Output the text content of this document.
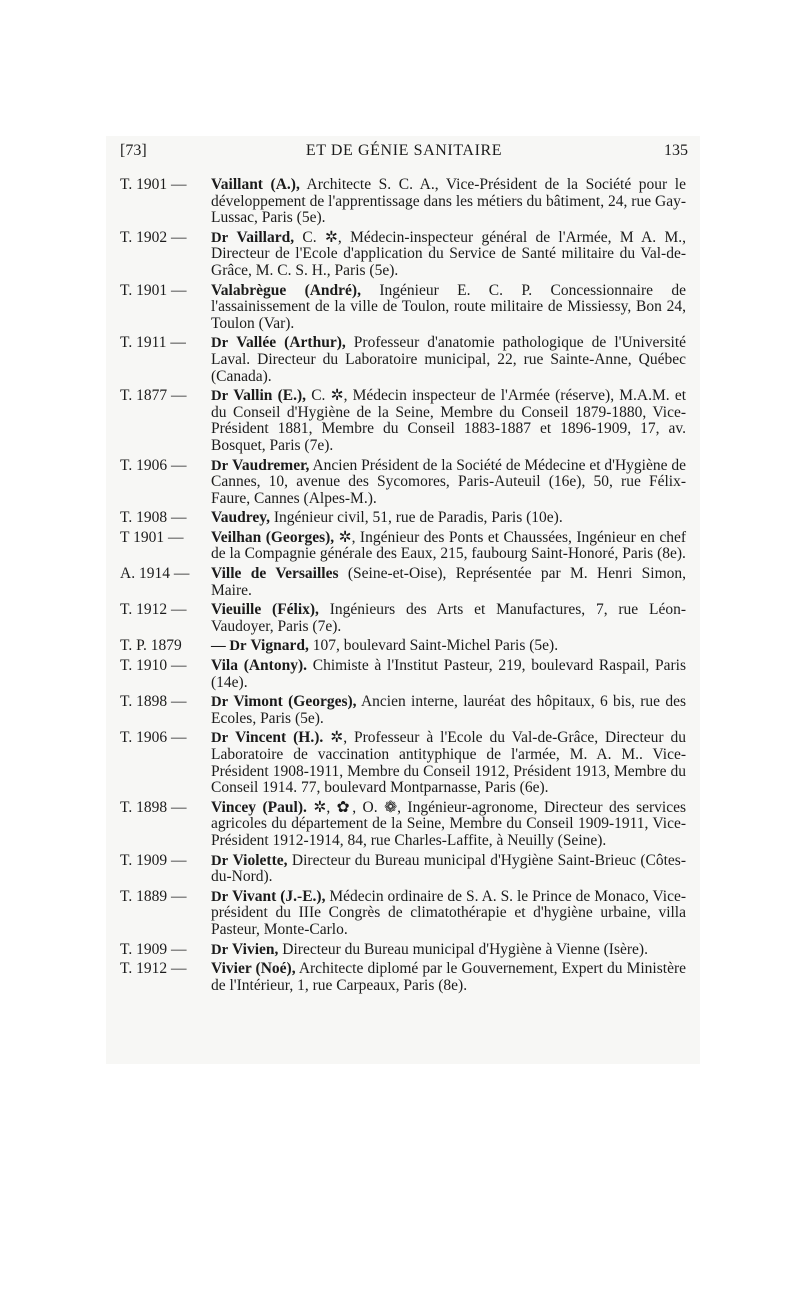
[73]	ET DE GÉNIE SANITAIRE	135
T. 1901 — Vaillant (A.), Architecte S. C. A., Vice-Président de la Société pour le développement de l'apprentissage dans les métiers du bâtiment, 24, rue Gay-Lussac, Paris (5e).
T. 1902 — Dr Vaillard, C. ✲, Médecin-inspecteur général de l'Armée, M A. M., Directeur de l'Ecole d'application du Service de Santé militaire du Val-de-Grâce, M. C. S. H., Paris (5e).
T. 1901 — Valabrègue (André), Ingénieur E. C. P. Concessionnaire de l'assainissement de la ville de Toulon, route militaire de Missiessy, Bon 24, Toulon (Var).
T. 1911 — Dr Vallée (Arthur), Professeur d'anatomie pathologique de l'Université Laval. Directeur du Laboratoire municipal, 22, rue Sainte-Anne, Québec (Canada).
T. 1877 — Dr Vallin (E.), C. ✲, Médecin inspecteur de l'Armée (réserve), M.A.M. et du Conseil d'Hygiène de la Seine, Membre du Conseil 1879-1880, Vice-Président 1881, Membre du Conseil 1883-1887 et 1896-1909, 17, av. Bosquet, Paris (7e).
T. 1906 — Dr Vaudremer, Ancien Président de la Société de Médecine et d'Hygiène de Cannes, 10, avenue des Sycomores, Paris-Auteuil (16e), 50, rue Félix-Faure, Cannes (Alpes-M.).
T. 1908 — Vaudrey, Ingénieur civil, 51, rue de Paradis, Paris (10e).
T 1901 — Veilhan (Georges), ✲, Ingénieur des Ponts et Chaussées, Ingénieur en chef de la Compagnie générale des Eaux, 215, faubourg Saint-Honoré, Paris (8e).
A. 1914 — Ville de Versailles (Seine-et-Oise), Représentée par M. Henri Simon, Maire.
T. 1912 — Vieuille (Félix), Ingénieurs des Arts et Manufactures, 7, rue Léon-Vaudoyer, Paris (7e).
T. P. 1879 — Dr Vignard, 107, boulevard Saint-Michel Paris (5e).
T. 1910 — Vila (Antony). Chimiste à l'Institut Pasteur, 219, boulevard Raspail, Paris (14e).
T. 1898 — Dr Vimont (Georges), Ancien interne, lauréat des hôpitaux, 6 bis, rue des Ecoles, Paris (5e).
T. 1906 — Dr Vincent (H.). ✲, Professeur à l'Ecole du Val-de-Grâce, Directeur du Laboratoire de vaccination antityphique de l'armée, M. A. M.. Vice-Président 1908-1911, Membre du Conseil 1912, Président 1913, Membre du Conseil 1914. 77, boulevard Montparnasse, Paris (6e).
T. 1898 — Vincey (Paul). ✲, ✿, O. ❁, Ingénieur-agronome, Directeur des services agricoles du département de la Seine, Membre du Conseil 1909-1911, Vice-Président 1912-1914, 84, rue Charles-Laffite, à Neuilly (Seine).
T. 1909 — Dr Violette, Directeur du Bureau municipal d'Hygiène Saint-Brieuc (Côtes-du-Nord).
T. 1889 — Dr Vivant (J.-E.), Médecin ordinaire de S. A. S. le Prince de Monaco, Vice-président du IIIe Congrès de climatothérapie et d'hygiène urbaine, villa Pasteur, Monte-Carlo.
T. 1909 — Dr Vivien, Directeur du Bureau municipal d'Hygiène à Vienne (Isère).
T. 1912 — Vivier (Noé), Architecte diplomé par le Gouvernement, Expert du Ministère de l'Intérieur, 1, rue Carpeaux, Paris (8e).
